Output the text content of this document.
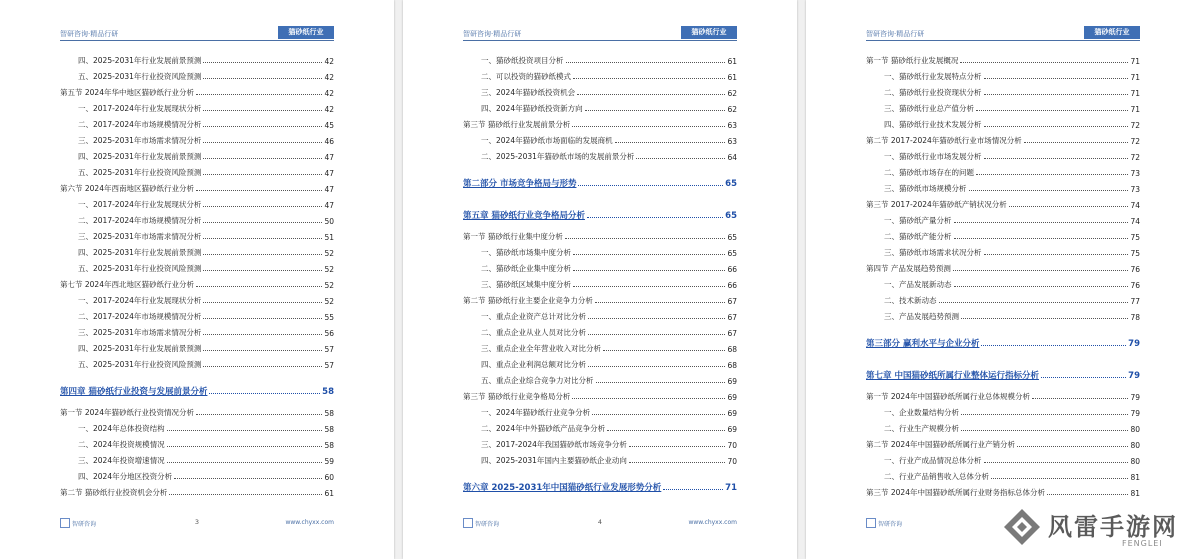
智研咨询·精品行研	猫砂纸行业
四、2025-2031年行业发展前景预测	42
五、2025-2031年行业投资风险预测	42
第五节 2024年华中地区猫砂纸行业分析	42
一、2017-2024年行业发展现状分析	42
二、2017-2024年市场规模情况分析	45
三、2025-2031年市场需求情况分析	46
四、2025-2031年行业发展前景预测	47
五、2025-2031年行业投资风险预测	47
第六节 2024年西南地区猫砂纸行业分析	47
一、2017-2024年行业发展现状分析	47
二、2017-2024年市场规模情况分析	50
三、2025-2031年市场需求情况分析	51
四、2025-2031年行业发展前景预测	52
五、2025-2031年行业投资风险预测	52
第七节 2024年西北地区猫砂纸行业分析	52
一、2017-2024年行业发展现状分析	52
二、2017-2024年市场规模情况分析	55
三、2025-2031年市场需求情况分析	56
四、2025-2031年行业发展前景预测	57
五、2025-2031年行业投资风险预测	57
第四章 猫砂纸行业投资与发展前景分析	58
第一节 2024年猫砂纸行业投资情况分析	58
一、2024年总体投资结构	58
二、2024年投资规模情况	58
三、2024年投资增速情况	59
四、2024年分地区投资分析	60
第二节 猫砂纸行业投资机会分析	61
智研咨询	3	www.chyxx.com
智研咨询·精品行研	猫砂纸行业
一、猫砂纸投资项目分析	61
二、可以投资的猫砂纸模式	61
三、2024年猫砂纸投资机会	62
四、2024年猫砂纸投资新方向	62
第三节 猫砂纸行业发展前景分析	63
一、2024年猫砂纸市场面临的发展商机	63
二、2025-2031年猫砂纸市场的发展前景分析	64
第二部分 市场竞争格局与形势	65
第五章 猫砂纸行业竞争格局分析	65
第一节 猫砂纸行业集中度分析	65
一、猫砂纸市场集中度分析	65
二、猫砂纸企业集中度分析	66
三、猫砂纸区域集中度分析	66
第二节 猫砂纸行业主要企业竞争力分析	67
一、重点企业资产总计对比分析	67
二、重点企业从业人员对比分析	67
三、重点企业全年营业收入对比分析	68
四、重点企业利润总额对比分析	68
五、重点企业综合竞争力对比分析	69
第三节 猫砂纸行业竞争格局分析	69
一、2024年猫砂纸行业竞争分析	69
二、2024年中外猫砂纸产品竞争分析	69
三、2017-2024年我国猫砂纸市场竞争分析	70
四、2025-2031年国内主要猫砂纸企业动向	70
第六章 2025-2031年中国猫砂纸行业发展形势分析	71
智研咨询	4	www.chyxx.com
智研咨询·精品行研	猫砂纸行业
第一节 猫砂纸行业发展概况	71
一、猫砂纸行业发展特点分析	71
二、猫砂纸行业投资现状分析	71
三、猫砂纸行业总产值分析	71
四、猫砂纸行业技术发展分析	72
第二节 2017-2024年猫砂纸行业市场情况分析	72
一、猫砂纸行业市场发展分析	72
二、猫砂纸市场存在的问题	73
三、猫砂纸市场规模分析	73
第三节 2017-2024年猫砂纸产销状况分析	74
一、猫砂纸产量分析	74
二、猫砂纸产能分析	75
三、猫砂纸市场需求状况分析	75
第四节 产品发展趋势预测	76
一、产品发展新动态	76
二、技术新动态	77
三、产品发展趋势预测	78
第三部分 赢利水平与企业分析	79
第七章 中国猫砂纸所属行业整体运行指标分析	79
第一节 2024年中国猫砂纸所属行业总体规模分析	79
一、企业数量结构分析	79
二、行业生产规模分析	80
第二节 2024年中国猫砂纸所属行业产销分析	80
一、行业产成品情况总体分析	80
二、行业产品销售收入总体分析	81
第三节 2024年中国猫砂纸所属行业财务指标总体分析	81
智研咨询	风雷手游网
FENGLEI
